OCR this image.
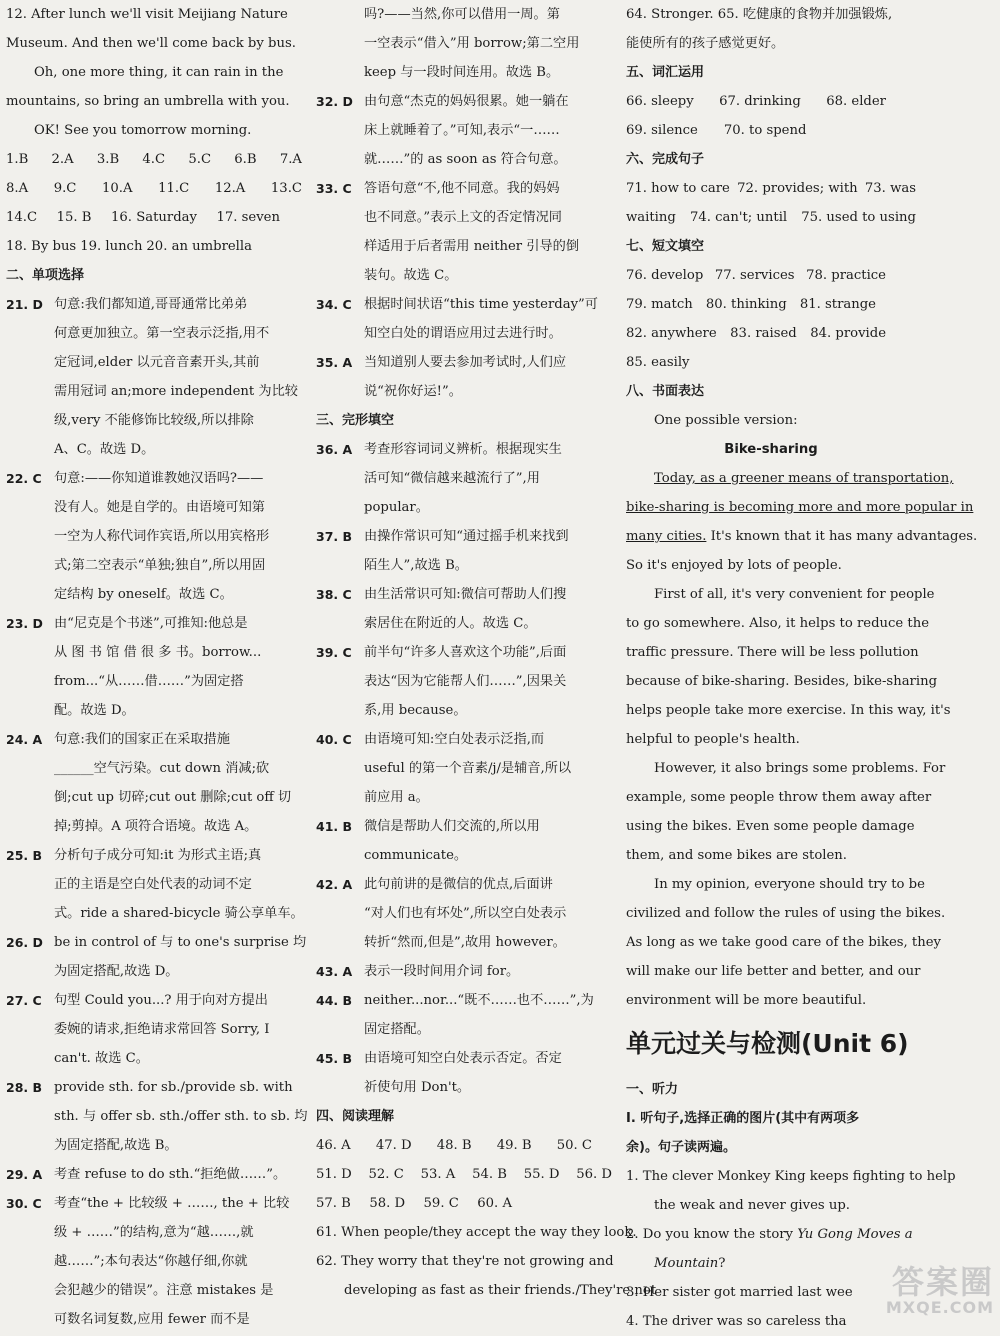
12. After lunch we'll visit Meijiang Nature
Museum. And then we'll come back by bus.
Oh, one more thing, it can rain in the
mountains, so bring an umbrella with you.
OK! See you tomorrow morning.
1.B 2.A 3.B 4.C 5.C 6.B 7.A
8.A 9.C 10.A 11.C 12.A 13.C
14.C 15. B 16. Saturday 17. seven
18. By bus 19. lunch 20. an umbrella
二、单项选择
21. D 句意:我们都知道,哥哥通常比弟弟
何意更加独立。第一空表示泛指,用不
定冠词,elder 以元音音素开头,其前
需用冠词 an;more independent 为比较
级,very 不能修饰比较级,所以排除
A、C。故选 D。
22. C 句意:——你知道谁教她汉语吗?——
没有人。她是自学的。由语境可知第
一空为人称代词作宾语,所以用宾格形
式;第二空表示“单独;独自”,所以用固
定结构 by oneself。故选 C。
23. D 由“尼克是个书迷”,可推知:他总是
从 图 书 馆 借 很 多 书。borrow...
from...“从……借……”为固定搭
配。故选 D。
24. A 句意:我们的国家正在采取措施
______空气污染。cut down 消减;砍
倒;cut up 切碎;cut out 删除;cut off 切
掉;剪掉。A 项符合语境。故选 A。
25. B 分析句子成分可知:it 为形式主语;真
正的主语是空白处代表的动词不定
式。ride a shared-bicycle 骑公享单车。
26. D be in control of 与 to one's surprise 均
为固定搭配,故选 D。
27. C 句型 Could you...? 用于向对方提出
委婉的请求,拒绝请求常回答 Sorry, I
can't. 故选 C。
28. B provide sth. for sb./provide sb. with
sth. 与 offer sb. sth./offer sth. to sb. 均
为固定搭配,故选 B。
29. A 考查 refuse to do sth.“拒绝做……”。
30. C 考查“the + 比较级 + ……, the + 比较
级 + ……”的结构,意为“越……,就
越……”;本句表达“你越仔细,你就
会犯越少的错误”。注意 mistakes 是
可数名词复数,应用 fewer 而不是
吗?——当然,你可以借用一周。第
一空表示“借入”用 borrow;第二空用
keep 与一段时间连用。故选 B。
32. D 由句意“杰克的妈妈很累。她一躺在
床上就睡着了。”可知,表示“一……
就……”的 as soon as 符合句意。
33. C 答语句意“不,他不同意。我的妈妈
也不同意。”表示上文的否定情况同
样适用于后者需用 neither 引导的倒
装句。故选 C。
34. C 根据时间状语“this time yesterday”可
知空白处的谓语应用过去进行时。
35. A 当知道别人要去参加考试时,人们应
说“祝你好运!”。
三、完形填空
36. A 考查形容词词义辨析。根据现实生
活可知“微信越来越流行了”,用
popular。
37. B 由操作常识可知“通过摇手机来找到
陌生人”,故选 B。
38. C 由生活常识可知:微信可帮助人们搜
索居住在附近的人。故选 C。
39. C 前半句“许多人喜欢这个功能”,后面
表达“因为它能帮人们……”,因果关
系,用 because。
40. C 由语境可知:空白处表示泛指,而
useful 的第一个音素/j/是辅音,所以
前应用 a。
41. B 微信是帮助人们交流的,所以用
communicate。
42. A 此句前讲的是微信的优点,后面讲
“对人们也有坏处”,所以空白处表示
转折“然而,但是”,故用 however。
43. A 表示一段时间用介词 for。
44. B neither...nor...“既不……也不……”,为
固定搭配。
45. B 由语境可知空白处表示否定。否定
祈使句用 Don't。
四、阅读理解
46. A 47. D 48. B 49. B 50. C
51. D 52. C 53. A 54. B 55. D 56. D
57. B 58. D 59. C 60. A
61. When people/they accept the way they look.
62. They worry that they're not growing and
developing as fast as their friends./They're not
64. Stronger. 65. 吃健康的食物并加强锻炼,
能使所有的孩子感觉更好。
五、词汇运用
66. sleepy 67. drinking 68. elder
69. silence 70. to spend
六、完成句子
71. how to care 72. provides; with 73. was
waiting 74. can't; until 75. used to using
七、短文填空
76. develop 77. services 78. practice
79. match 80. thinking 81. strange
82. anywhere 83. raised 84. provide
85. easily
八、书面表达
One possible version:
Bike-sharing
Today, as a greener means of transportation,
bike-sharing is becoming more and more popular in
many cities.
It's known that it has many advantages.
So it's enjoyed by lots of people.
First of all, it's very convenient for people
to go somewhere. Also, it helps to reduce the
traffic pressure. There will be less pollution
because of bike-sharing. Besides, bike-sharing
helps people take more exercise. In this way, it's
helpful to people's health.
However, it also brings some problems. For
example, some people throw them away after
using the bikes. Even some people damage
them, and some bikes are stolen.
In my opinion, everyone should try to be
civilized and follow the rules of using the bikes.
As long as we take good care of the bikes, they
will make our life better and better, and our
environment will be more beautiful.
单元过关与检测(Unit 6)
一、听力
Ⅰ. 听句子,选择正确的图片(其中有两项多
余)。句子读两遍。
1. The clever Monkey King keeps fighting to help
the weak and never gives up.
2. Do you know the story
Yu Gong Moves a
Mountain ?
3. Her sister got married last wee
4. The driver was so careless tha
答案圈
MXQE.COM
